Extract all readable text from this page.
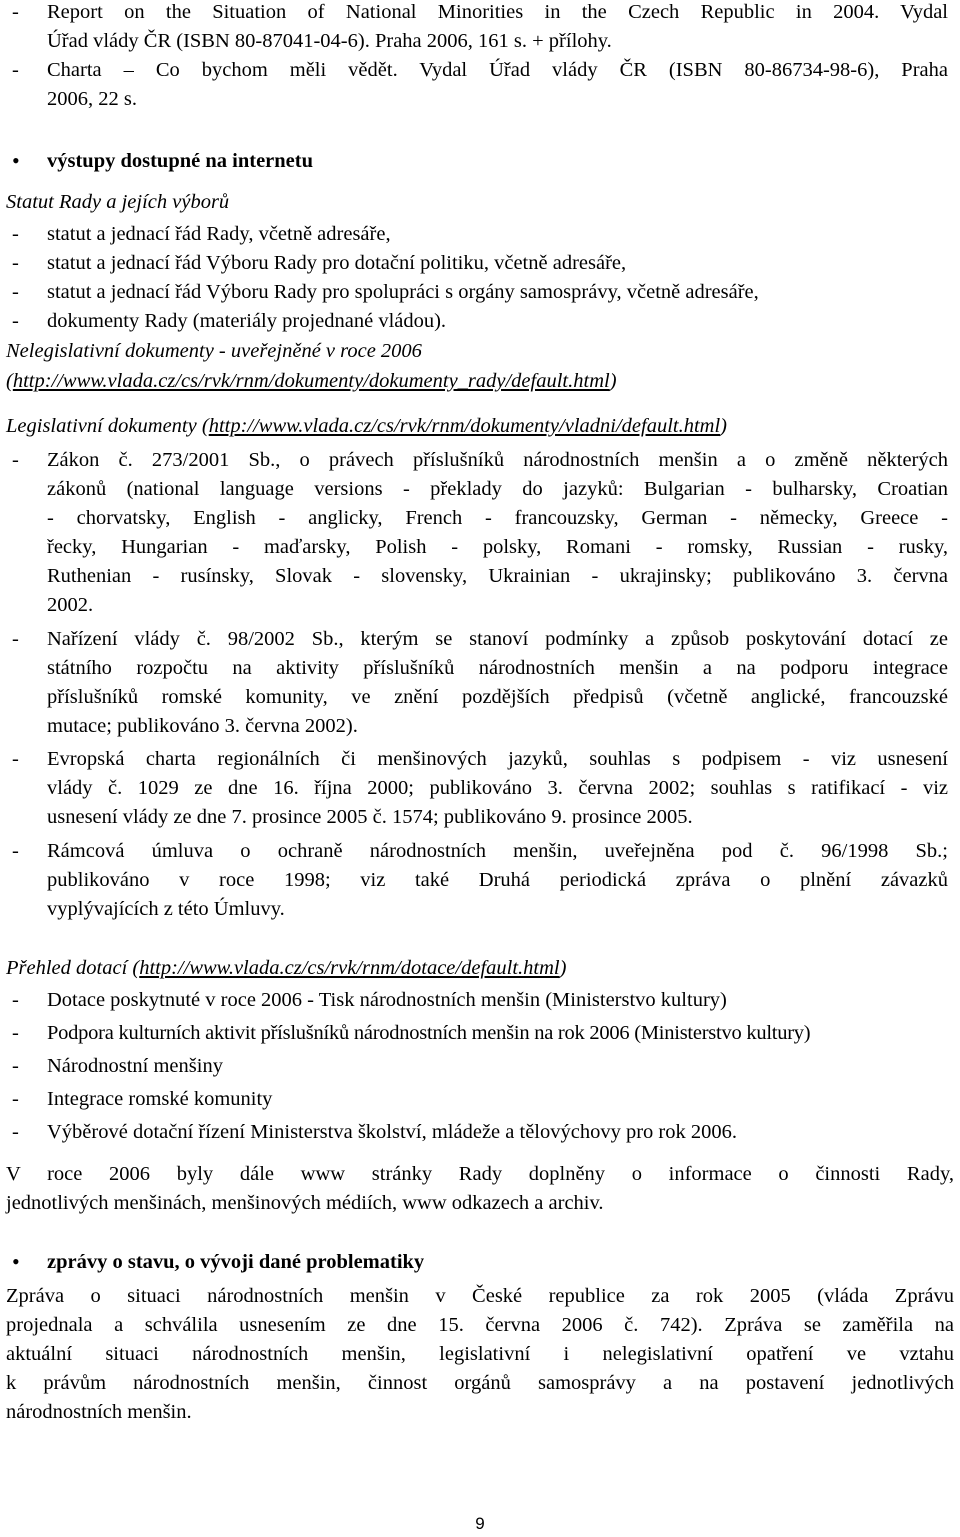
- Report on the Situation of National Minorities in the Czech Republic in 2004. Vydal
Úřad vlády ČR (ISBN 80-87041-04-6). Praha 2006, 161 s. + přílohy.
- Charta – Co bychom měli vědět. Vydal Úřad vlády ČR (ISBN 80-86734-98-6), Praha
2006, 22 s.
• výstupy dostupné na internetu
Statut Rady a jejích výborů
- statut a jednací řád Rady, včetně adresáře,
- statut a jednací řád Výboru Rady pro dotační politiku, včetně adresáře,
- statut a jednací řád Výboru Rady pro spolupráci s orgány samosprávy, včetně adresáře,
- dokumenty Rady (materiály projednané vládou).
Nelegislativní dokumenty - uveřejněné v roce 2006
(http://www.vlada.cz/cs/rvk/rnm/dokumenty/dokumenty_rady/default.html)
Legislativní dokumenty (http://www.vlada.cz/cs/rvk/rnm/dokumenty/vladni/default.html)
- Zákon č. 273/2001 Sb., o právech příslušníků národnostních menšin a o změně některých
zákonů (national language versions - překlady do jazyků: Bulgarian - bulharsky, Croatian
- chorvatsky, English - anglicky, French - francouzsky, German - německy, Greece -
řecky, Hungarian - maďarsky, Polish - polsky, Romani - romsky, Russian - rusky,
Ruthenian - rusínsky, Slovak - slovensky, Ukrainian - ukrajinsky; publikováno 3. června
2002.
- Nařízení vlády č. 98/2002 Sb., kterým se stanoví podmínky a způsob poskytování dotací ze
státního rozpočtu na aktivity příslušníků národnostních menšin a na podporu integrace
příslušníků romské komunity, ve znění pozdějších předpisů (včetně anglické, francouzské
mutace; publikováno 3. června 2002).
- Evropská charta regionálních či menšinových jazyků, souhlas s podpisem - viz usnesení
vlády č. 1029 ze dne 16. října 2000; publikováno 3. června 2002; souhlas s ratifikací - viz
usnesení vlády ze dne 7. prosince 2005 č. 1574; publikováno 9. prosince 2005.
- Rámcová úmluva o ochraně národnostních menšin, uveřejněna pod č. 96/1998 Sb.;
publikováno v roce 1998; viz také Druhá periodická zpráva o plnění závazků
vyplývajících z této Úmluvy.
Přehled dotací (http://www.vlada.cz/cs/rvk/rnm/dotace/default.html)
- Dotace poskytnuté v roce 2006 - Tisk národnostních menšin (Ministerstvo kultury)
- Podpora kulturních aktivit příslušníků národnostních menšin na rok 2006 (Ministerstvo kultury)
- Národnostní menšiny
- Integrace romské komunity
- Výběrové dotační řízení Ministerstva školství, mládeže a tělovýchovy pro rok 2006.
V roce 2006 byly dále www stránky Rady doplněny o informace o činnosti Rady,
jednotlivých menšinách, menšinových médiích, www odkazech a archiv.
• zprávy o stavu, o vývoji dané problematiky
Zpráva o situaci národnostních menšin v České republice za rok 2005 (vláda Zprávu
projednala a schválila usnesením ze dne 15. června 2006 č. 742). Zpráva se zaměřila na
aktuální situaci národnostních menšin, legislativní i nelegislativní opatření ve vztahu
k právům národnostních menšin, činnost orgánů samosprávy a na postavení jednotlivých
národnostních menšin.
9
